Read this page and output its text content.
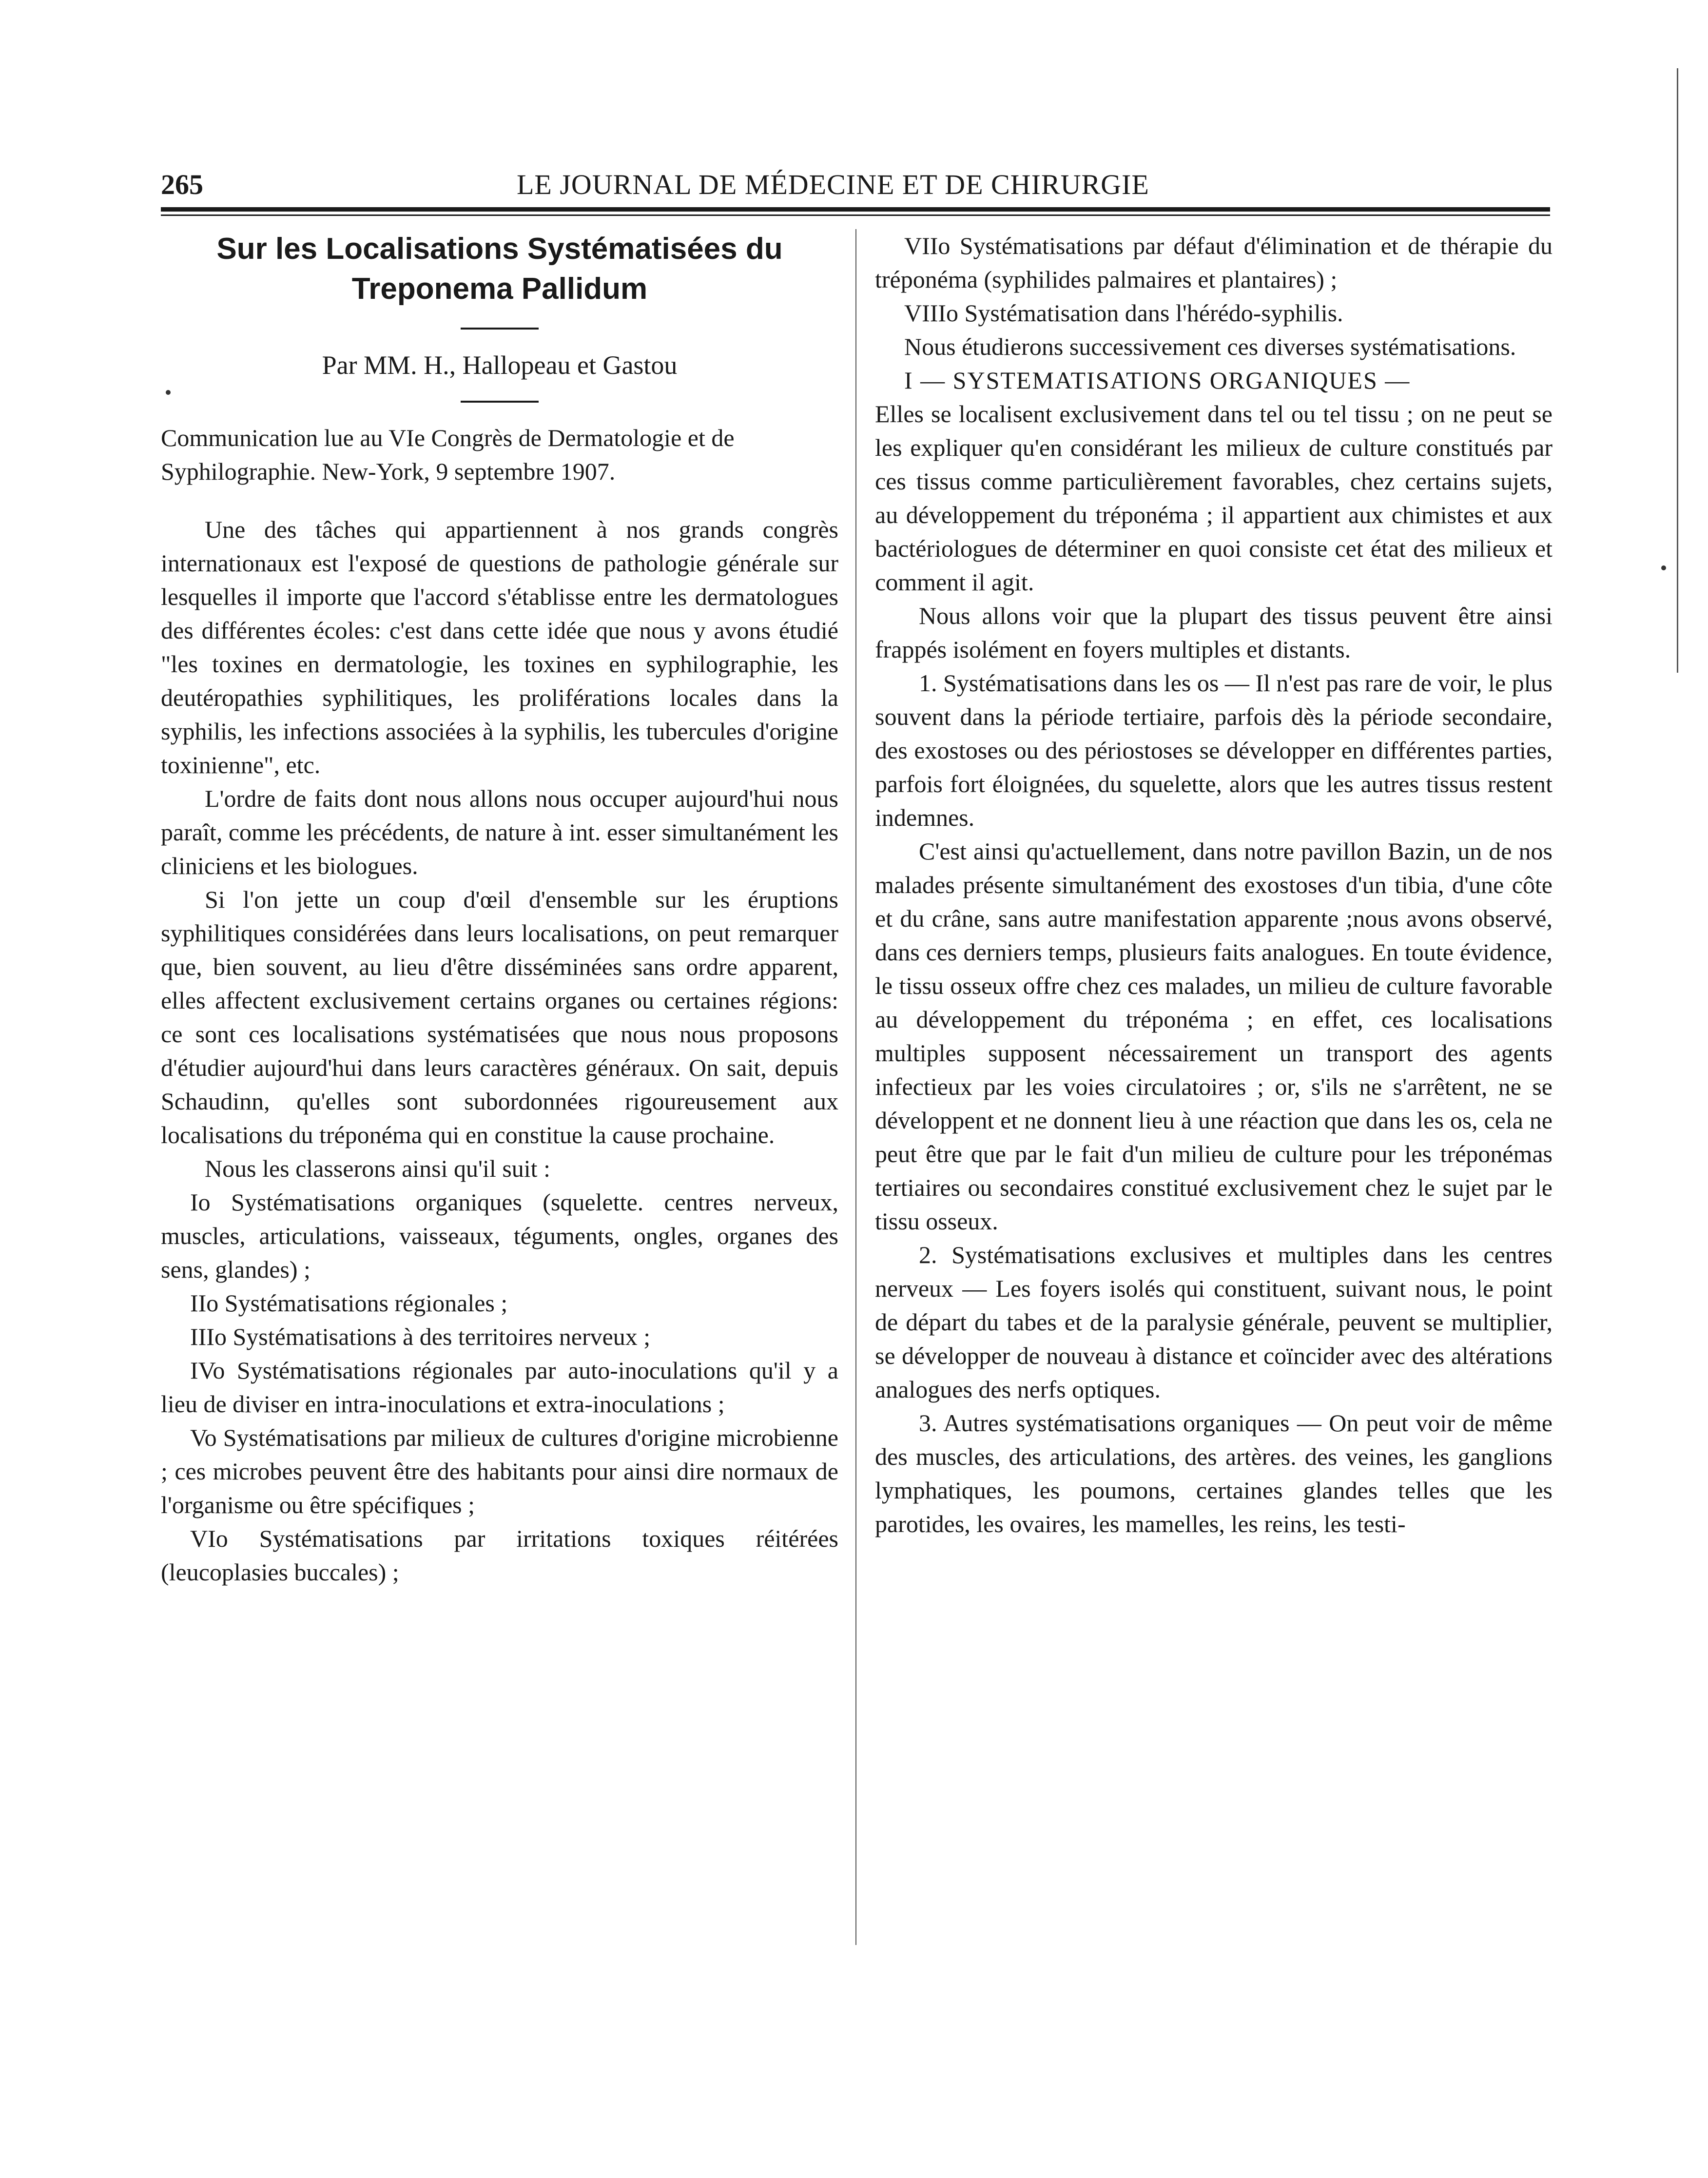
265	LE JOURNAL DE MÉDECINE ET DE CHIRURGIE
Sur les Localisations Systématisées du Treponema Pallidum
Par MM. H., Hallopeau et Gastou

Communication lue au VIe Congrès de Dermatologie et de Syphilographie. New-York, 9 septembre 1907.

Une des tâches qui appartiennent à nos grands congrès internationaux est l'exposé de questions de pathologie générale sur lesquelles il importe que l'accord s'établisse entre les dermatologues des différentes écoles: c'est dans cette idée que nous y avons étudié "les toxines en dermatologie, les toxines en syphilographie, les deutéropathies syphilitiques, les proliférations locales dans la syphilis, les infections associées à la syphilis, les tubercules d'origine toxinienne", etc.

L'ordre de faits dont nous allons nous occuper aujourd'hui nous paraît, comme les précédents, de nature à int. esser simultanément les cliniciens et les biologues.

Si l'on jette un coup d'œil d'ensemble sur les éruptions syphilitiques considérées dans leurs localisations, on peut remarquer que, bien souvent, au lieu d'être disséminées sans ordre apparent, elles affectent exclusivement certains organes ou certaines régions: ce sont ces localisations systématisées que nous nous proposons d'étudier aujourd'hui dans leurs caractères généraux. On sait, depuis Schaudinn, qu'elles sont subordonnées rigoureusement aux localisations du tréponéma qui en constitue la cause prochaine.

Nous les classerons ainsi qu'il suit :

Io Systématisations organiques (squelette. centres nerveux, muscles, articulations, vaisseaux, téguments, ongles, organes des sens, glandes) ;

IIo Systématisations régionales ;

IIIo Systématisations à des territoires nerveux ;

IVo Systématisations régionales par auto-inoculations qu'il y a lieu de diviser en intra-inoculations et extra-inoculations ;

Vo Systématisations par milieux de cultures d'origine microbienne ; ces microbes peuvent être des habitants pour ainsi dire normaux de l'organisme ou être spécifiques ;

VIo Systématisations par irritations toxiques réitérées (leucoplasies buccales) ;

VIIo Systématisations par défaut d'élimination et de thérapie du tréponéma (syphilides palmaires et plantaires) ;

VIIIo Systématisation dans l'hérédo-syphilis.

Nous étudierons successivement ces diverses systématisations.

I — SYSTEMATISATIONS ORGANIQUES —

Elles se localisent exclusivement dans tel ou tel tissu ; on ne peut se les expliquer qu'en considérant les milieux de culture constitués par ces tissus comme particulièrement favorables, chez certains sujets, au développement du tréponéma ; il appartient aux chimistes et aux bactériologues de déterminer en quoi consiste cet état des milieux et comment il agit.

Nous allons voir que la plupart des tissus peuvent être ainsi frappés isolément en foyers multiples et distants.

1. Systématisations dans les os — Il n'est pas rare de voir, le plus souvent dans la période tertiaire, parfois dès la période secondaire, des exostoses ou des périostoses se développer en différentes parties, parfois fort éloignées, du squelette, alors que les autres tissus restent indemnes.

C'est ainsi qu'actuellement, dans notre pavillon Bazin, un de nos malades présente simultanément des exostoses d'un tibia, d'une côte et du crâne, sans autre manifestation apparente ;nous avons observé, dans ces derniers temps, plusieurs faits analogues. En toute évidence, le tissu osseux offre chez ces malades, un milieu de culture favorable au développement du tréponéma ; en effet, ces localisations multiples supposent nécessairement un transport des agents infectieux par les voies circulatoires ; or, s'ils ne s'arrêtent, ne se développent et ne donnent lieu à une réaction que dans les os, cela ne peut être que par le fait d'un milieu de culture pour les tréponémas tertiaires ou secondaires constitué exclusivement chez le sujet par le tissu osseux.

2. Systématisations exclusives et multiples dans les centres nerveux — Les foyers isolés qui constituent, suivant nous, le point de départ du tabes et de la paralysie générale, peuvent se multiplier, se développer de nouveau à distance et coïncider avec des altérations analogues des nerfs optiques.

3. Autres systématisations organiques — On peut voir de même des muscles, des articulations, des artères. des veines, les ganglions lymphatiques, les poumons, certaines glandes telles que les parotides, les ovaires, les mamelles, les reins, les testi-
